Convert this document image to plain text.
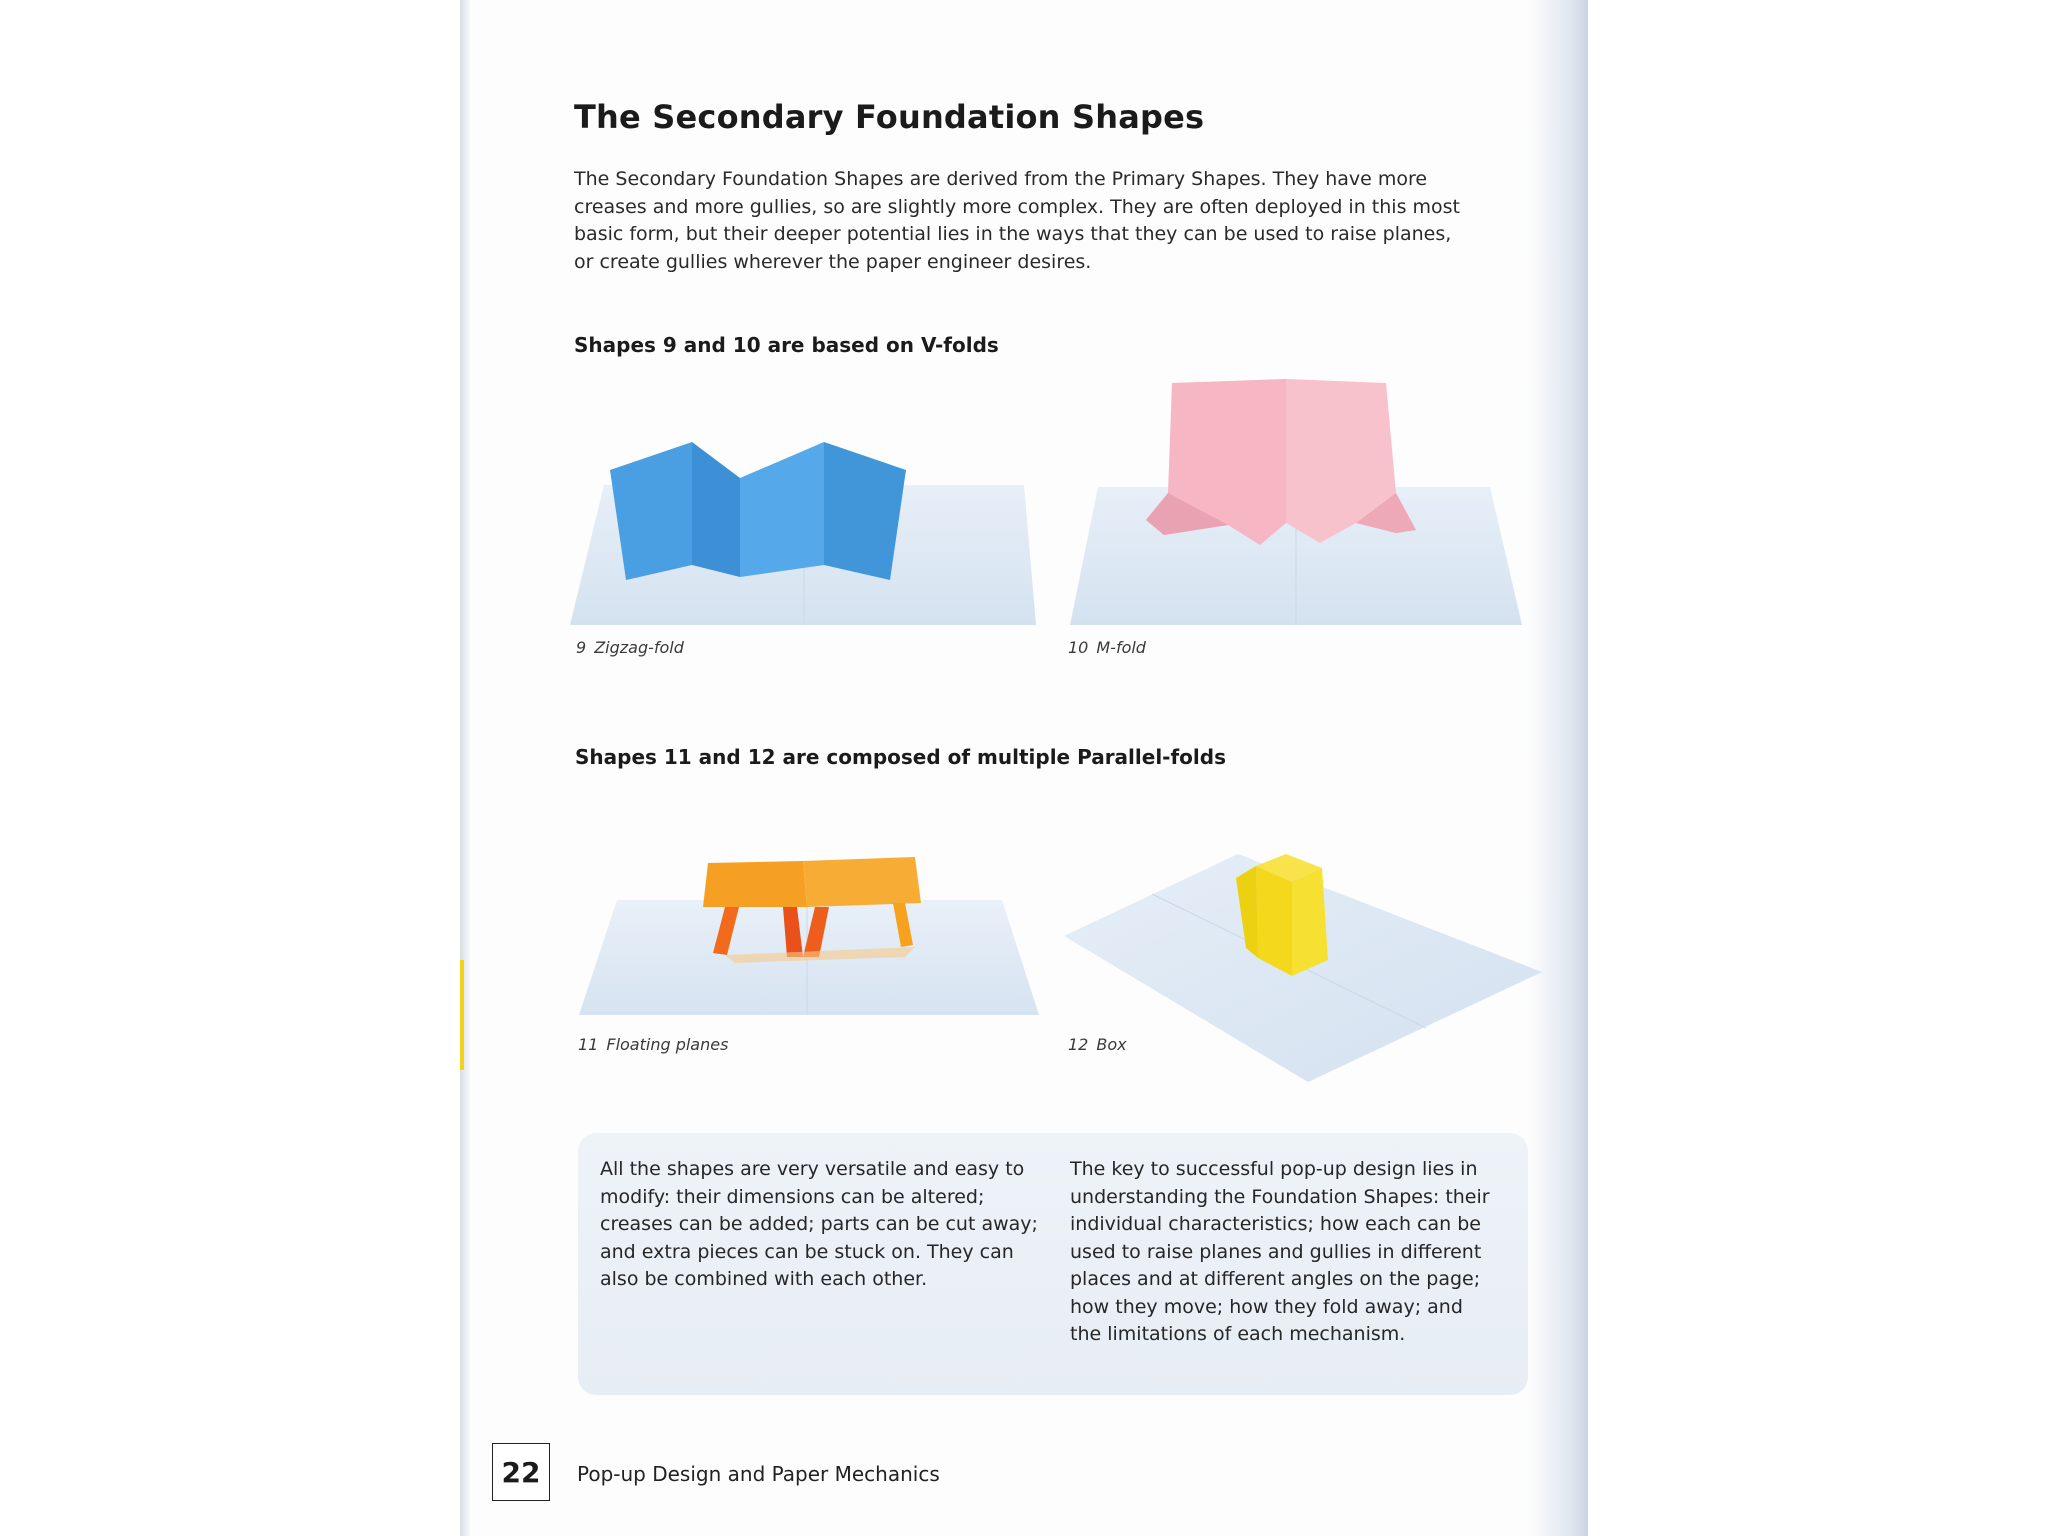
The Secondary Foundation Shapes

The Secondary Foundation Shapes are derived from the Primary Shapes. They have more creases and more gullies, so are slightly more complex. They are often deployed in this most basic form, but their deeper potential lies in the ways that they can be used to raise planes, or create gullies wherever the paper engineer desires.

Shapes 9 and 10 are based on V-folds
9 Zigzag-fold	10 M-fold
Shapes 11 and 12 are composed of multiple Parallel-folds
11 Floating planes	12 Box

All the shapes are very versatile and easy to modify: their dimensions can be altered; creases can be added; parts can be cut away; and extra pieces can be stuck on. They can also be combined with each other.

The key to successful pop-up design lies in understanding the Foundation Shapes: their individual characteristics; how each can be used to raise planes and gullies in different places and at different angles on the page; how they move; how they fold away; and the limitations of each mechanism.

22	Pop-up Design and Paper Mechanics
